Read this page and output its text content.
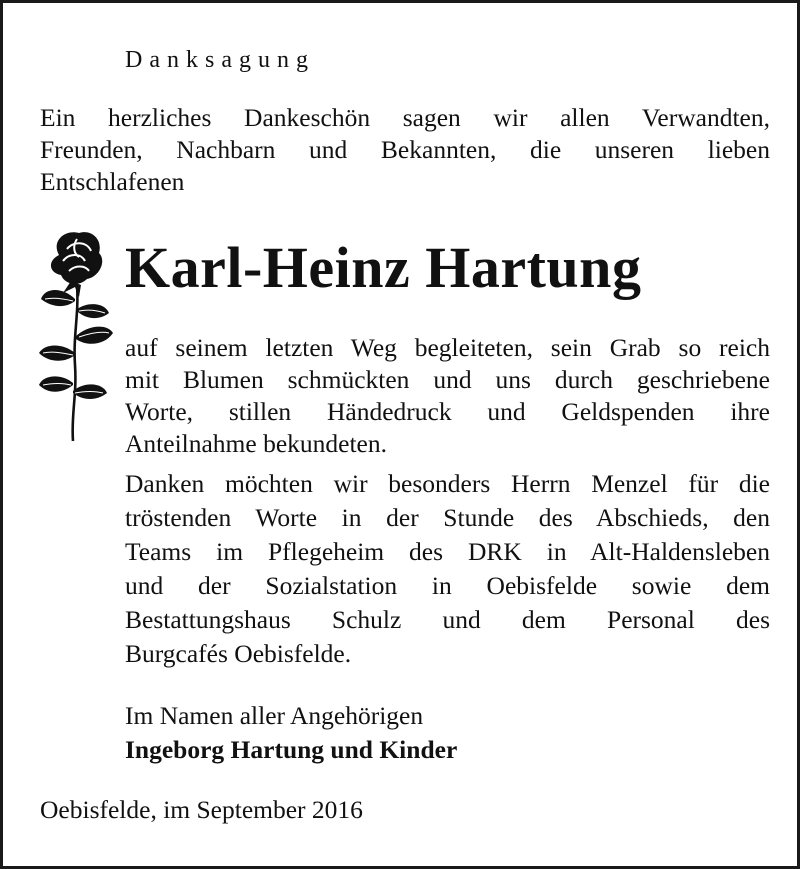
Danksagung
Ein herzliches Dankeschön sagen wir allen Verwandten,
Freunden, Nachbarn und Bekannten, die unseren lieben
Entschlafenen
Karl-Heinz Hartung
auf seinem letzten Weg begleiteten, sein Grab so reich
mit Blumen schmückten und uns durch geschriebene
Worte, stillen Händedruck und Geldspenden ihre
Anteilnahme bekundeten.
Danken möchten wir besonders Herrn Menzel für die
tröstenden Worte in der Stunde des Abschieds, den
Teams im Pflegeheim des DRK in Alt-Haldensleben
und der Sozialstation in Oebisfelde sowie dem
Bestattungshaus Schulz und dem Personal des
Burgcafés Oebisfelde.
Im Namen aller Angehörigen
Ingeborg Hartung und Kinder
Oebisfelde, im September 2016
